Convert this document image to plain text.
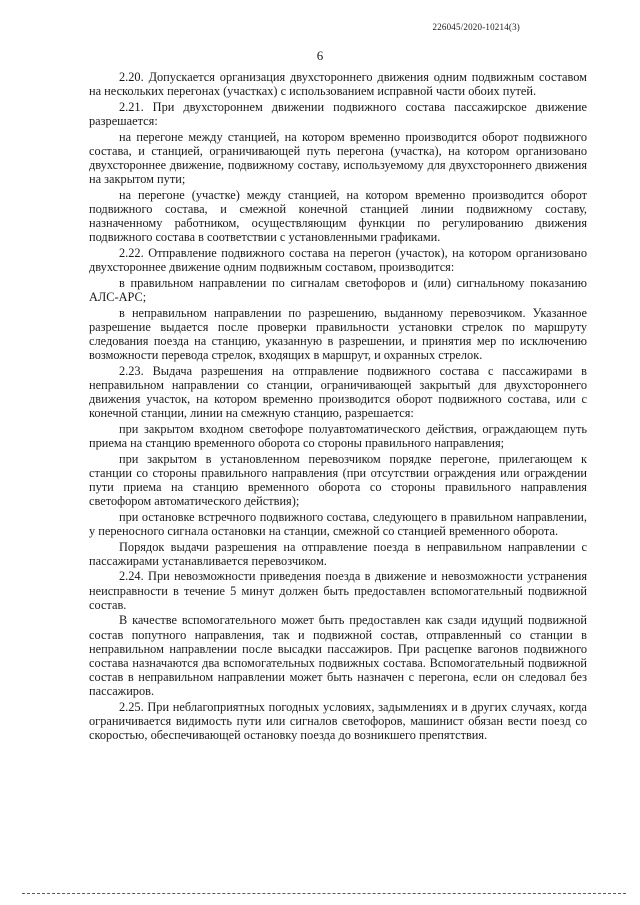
226045/2020-10214(3)
6

2.20. Допускается организация двухстороннего движения одним подвижным составом на нескольких перегонах (участках) с использованием исправной части обоих путей.

2.21. При двухстороннем движении подвижного состава пассажирское движение разрешается:

на перегоне между станцией, на котором временно производится оборот подвижного состава, и станцией, ограничивающей путь перегона (участка), на котором организовано двухстороннее движение, подвижному составу, используемому для двухстороннего движения на закрытом пути;

на перегоне (участке) между станцией, на котором временно производится оборот подвижного состава, и смежной конечной станцией линии подвижному составу, назначенному работником, осуществляющим функции по регулированию движения подвижного состава в соответствии с установленными графиками.

2.22. Отправление подвижного состава на перегон (участок), на котором организовано двухстороннее движение одним подвижным составом, производится:

в правильном направлении по сигналам светофоров и (или) сигнальному показанию АЛС-АРС;

в неправильном направлении по разрешению, выданному перевозчиком. Указанное разрешение выдается после проверки правильности установки стрелок по маршруту следования поезда на станцию, указанную в разрешении, и принятия мер по исключению возможности перевода стрелок, входящих в маршрут, и охранных стрелок.

2.23. Выдача разрешения на отправление подвижного состава с пассажирами в неправильном направлении со станции, ограничивающей закрытый для двухстороннего движения участок, на котором временно производится оборот подвижного состава, или с конечной станции, линии на смежную станцию, разрешается:

при закрытом входном светофоре полуавтоматического действия, ограждающем путь приема на станцию временного оборота со стороны правильного направления;

при закрытом в установленном перевозчиком порядке перегоне, прилегающем к станции со стороны правильного направления (при отсутствии ограждения или ограждении пути приема на станцию временного оборота со стороны правильного направления светофором автоматического действия);

при остановке встречного подвижного состава, следующего в правильном направлении, у переносного сигнала остановки на станции, смежной со станцией временного оборота.

Порядок выдачи разрешения на отправление поезда в неправильном направлении с пассажирами устанавливается перевозчиком.

2.24. При невозможности приведения поезда в движение и невозможности устранения неисправности в течение 5 минут должен быть предоставлен вспомогательный подвижной состав.

В качестве вспомогательного может быть предоставлен как сзади идущий подвижной состав попутного направления, так и подвижной состав, отправленный со станции в неправильном направлении после высадки пассажиров. При расцепке вагонов подвижного состава назначаются два вспомогательных подвижных состава. Вспомогательный подвижной состав в неправильном направлении может быть назначен с перегона, если он следовал без пассажиров.

2.25. При неблагоприятных погодных условиях, задымлениях и в других случаях, когда ограничивается видимость пути или сигналов светофоров, машинист обязан вести поезд со скоростью, обеспечивающей остановку поезда до возникшего препятствия.
